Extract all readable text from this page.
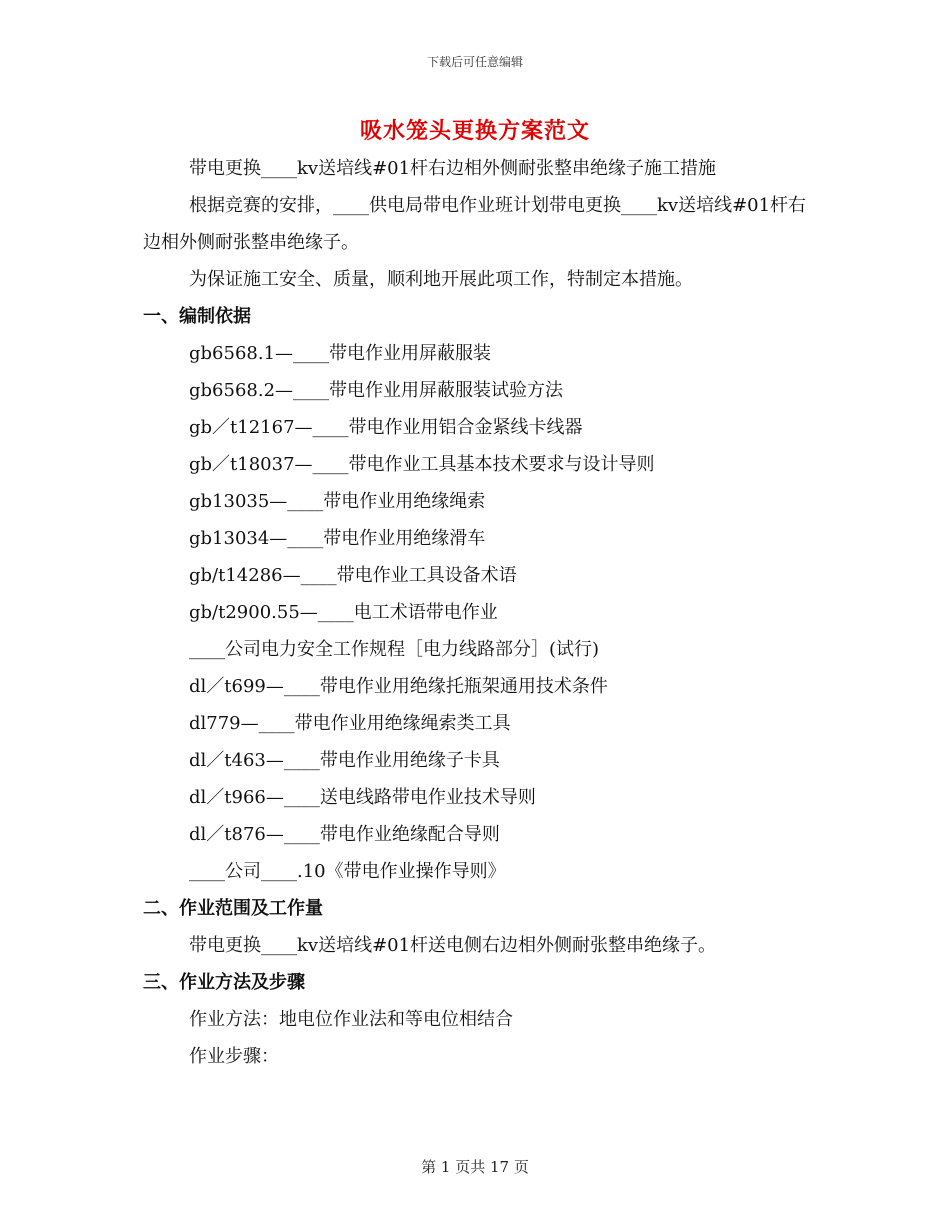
下载后可任意编辑
吸水笼头更换方案范文

带电更换____kv送培线#01杆右边相外侧耐张整串绝缘子施工措施

根据竞赛的安排，____供电局带电作业班计划带电更换____kv送培线#01杆右边相外侧耐张整串绝缘子。

为保证施工安全、质量，顺利地开展此项工作，特制定本措施。

一、编制依据

gb6568.1—____带电作业用屏蔽服装

gb6568.2—____带电作业用屏蔽服装试验方法

gb／t12167—____带电作业用铝合金紧线卡线器

gb／t18037—____带电作业工具基本技术要求与设计导则

gb13035—____带电作业用绝缘绳索

gb13034—____带电作业用绝缘滑车

gb/t14286—____带电作业工具设备术语

gb/t2900.55—____电工术语带电作业

____公司电力安全工作规程［电力线路部分］(试行)

dl／t699—____带电作业用绝缘托瓶架通用技术条件

dl779—____带电作业用绝缘绳索类工具

dl／t463—____带电作业用绝缘子卡具

dl／t966—____送电线路带电作业技术导则

dl／t876—____带电作业绝缘配合导则

____公司____.10《带电作业操作导则》

二、作业范围及工作量

带电更换____kv送培线#01杆送电侧右边相外侧耐张整串绝缘子。

三、作业方法及步骤

作业方法：地电位作业法和等电位相结合

作业步骤：

第 1 页共 17 页
